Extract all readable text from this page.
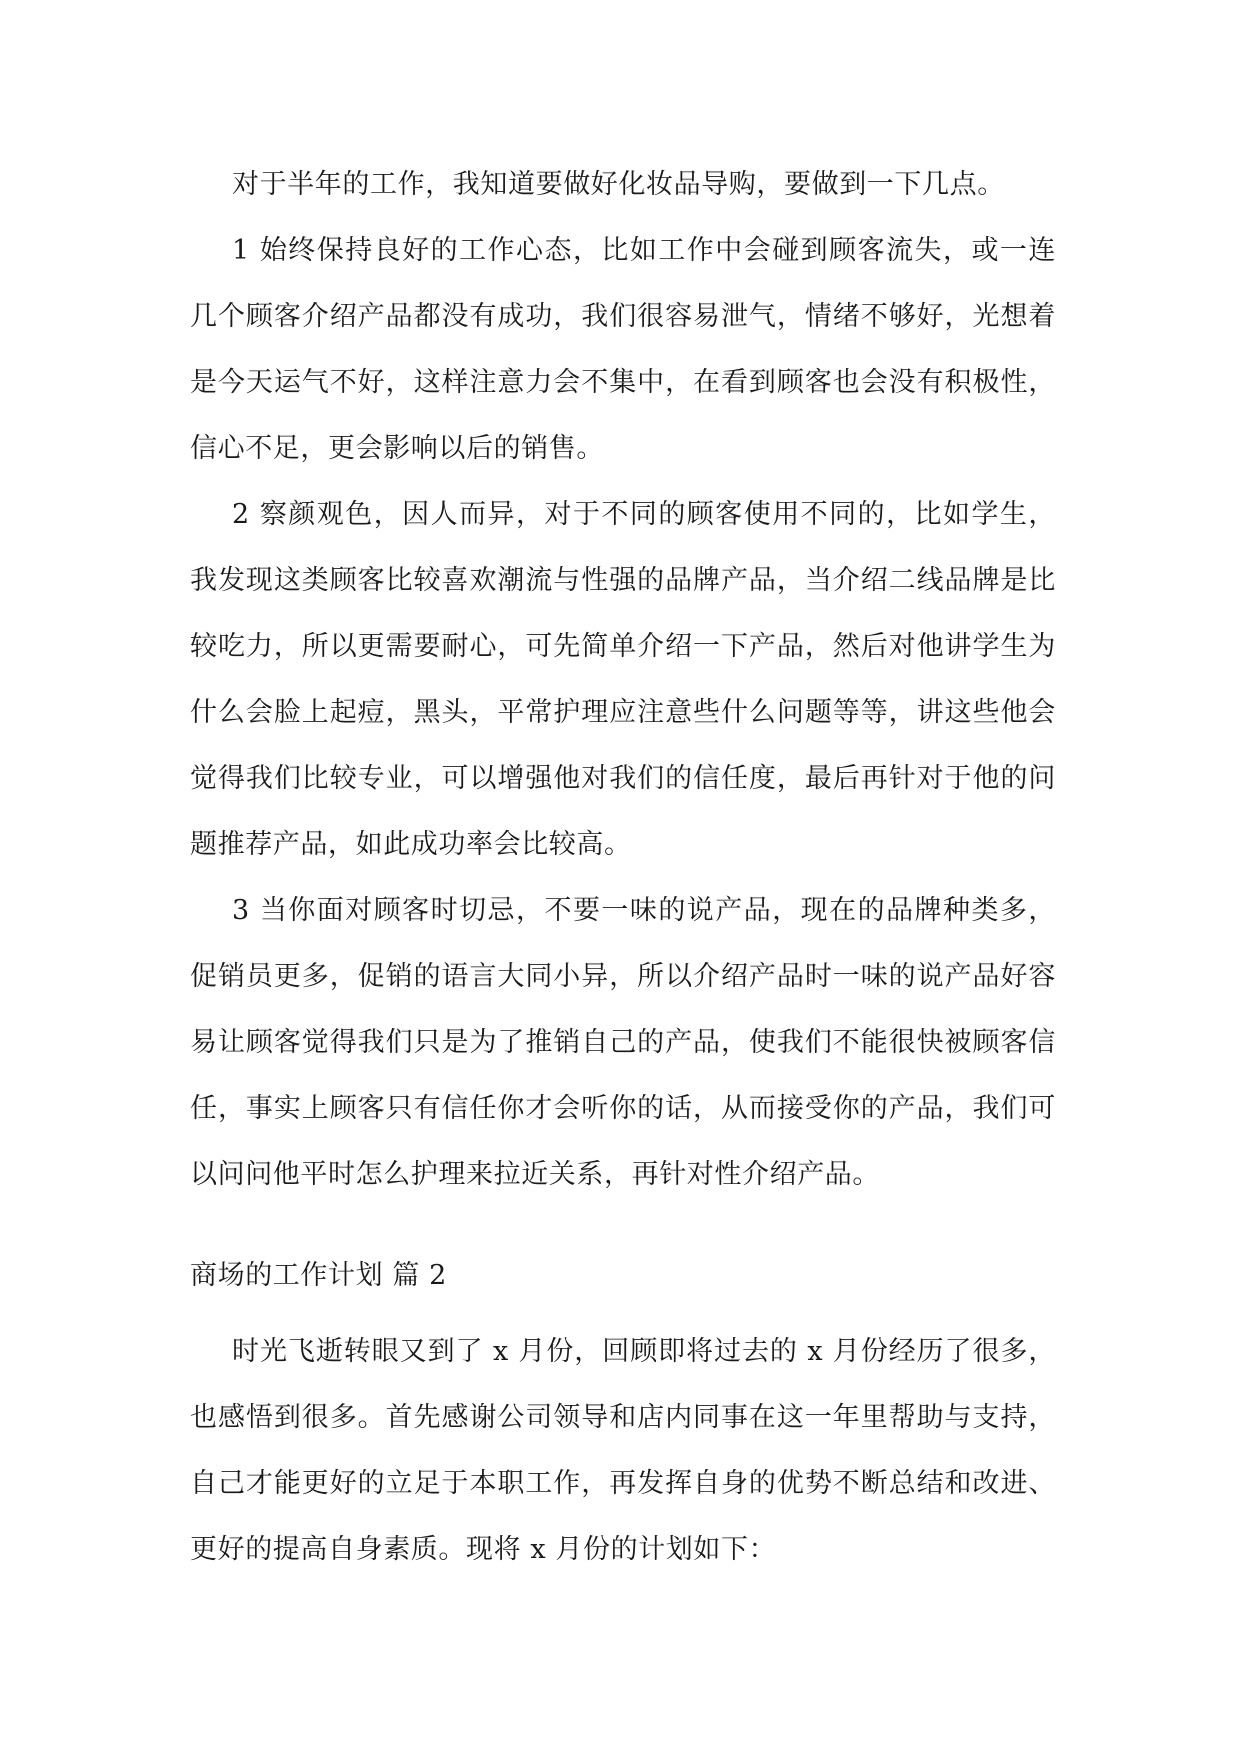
对于半年的工作，我知道要做好化妆品导购，要做到一下几点。

1 始终保持良好的工作心态，比如工作中会碰到顾客流失，或一连几个顾客介绍产品都没有成功，我们很容易泄气，情绪不够好，光想着是今天运气不好，这样注意力会不集中，在看到顾客也会没有积极性，信心不足，更会影响以后的销售。

2 察颜观色，因人而异，对于不同的顾客使用不同的，比如学生，我发现这类顾客比较喜欢潮流与性强的品牌产品，当介绍二线品牌是比较吃力，所以更需要耐心，可先简单介绍一下产品，然后对他讲学生为什么会脸上起痘，黑头，平常护理应注意些什么问题等等，讲这些他会觉得我们比较专业，可以增强他对我们的信任度，最后再针对于他的问题推荐产品，如此成功率会比较高。

3 当你面对顾客时切忌，不要一味的说产品，现在的品牌种类多，促销员更多，促销的语言大同小异，所以介绍产品时一味的说产品好容易让顾客觉得我们只是为了推销自己的产品，使我们不能很快被顾客信任，事实上顾客只有信任你才会听你的话，从而接受你的产品，我们可以问问他平时怎么护理来拉近关系，再针对性介绍产品。

商场的工作计划 篇 2

时光飞逝转眼又到了 x 月份，回顾即将过去的 x 月份经历了很多，也感悟到很多。首先感谢公司领导和店内同事在这一年里帮助与支持，自己才能更好的立足于本职工作，再发挥自身的优势不断总结和改进、更好的提高自身素质。现将 x 月份的计划如下：
